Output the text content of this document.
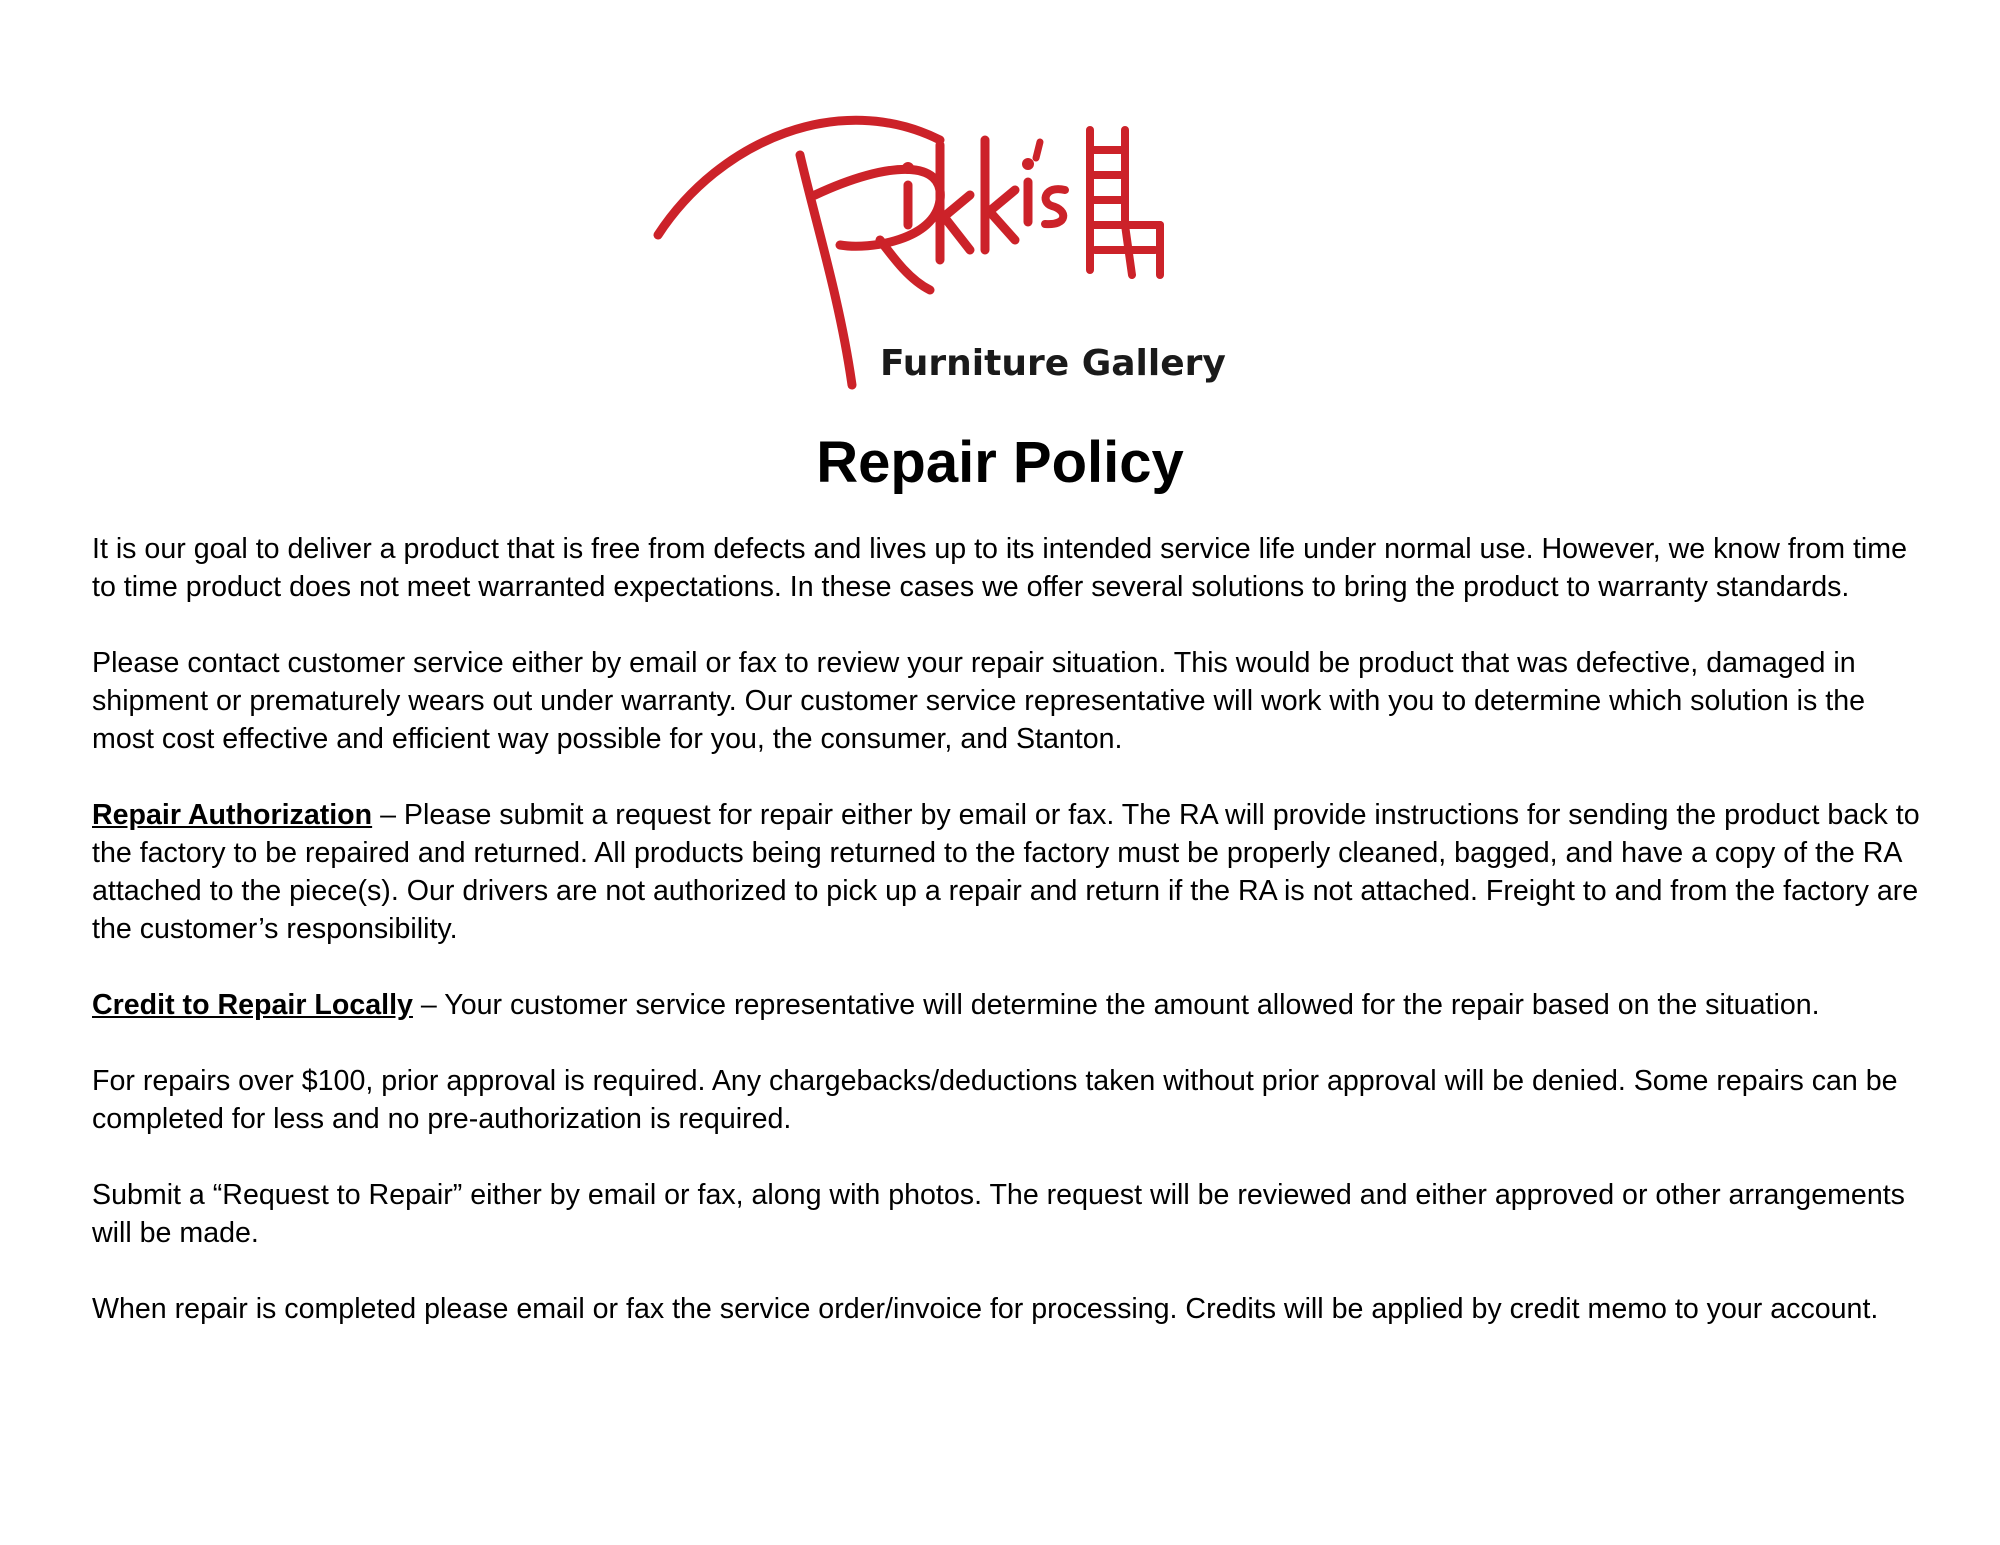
Furniture Gallery
Repair Policy

It is our goal to deliver a product that is free from defects and lives up to its intended service life under normal use. However, we know from time to time product does not meet warranted expectations. In these cases we offer several solutions to bring the product to warranty standards.

Please contact customer service either by email or fax to review your repair situation. This would be product that was defective, damaged in shipment or prematurely wears out under warranty. Our customer service representative will work with you to determine which solution is the most cost effective and efficient way possible for you, the consumer, and Stanton.

Repair Authorization – Please submit a request for repair either by email or fax. The RA will provide instructions for sending the product back to the factory to be repaired and returned. All products being returned to the factory must be properly cleaned, bagged, and have a copy of the RA attached to the piece(s). Our drivers are not authorized to pick up a repair and return if the RA is not attached. Freight to and from the factory are the customer’s responsibility.

Credit to Repair Locally – Your customer service representative will determine the amount allowed for the repair based on the situation.

For repairs over $100, prior approval is required. Any chargebacks/deductions taken without prior approval will be denied. Some repairs can be completed for less and no pre-authorization is required.

Submit a “Request to Repair” either by email or fax, along with photos. The request will be reviewed and either approved or other arrangements will be made.

When repair is completed please email or fax the service order/invoice for processing. Credits will be applied by credit memo to your account.
